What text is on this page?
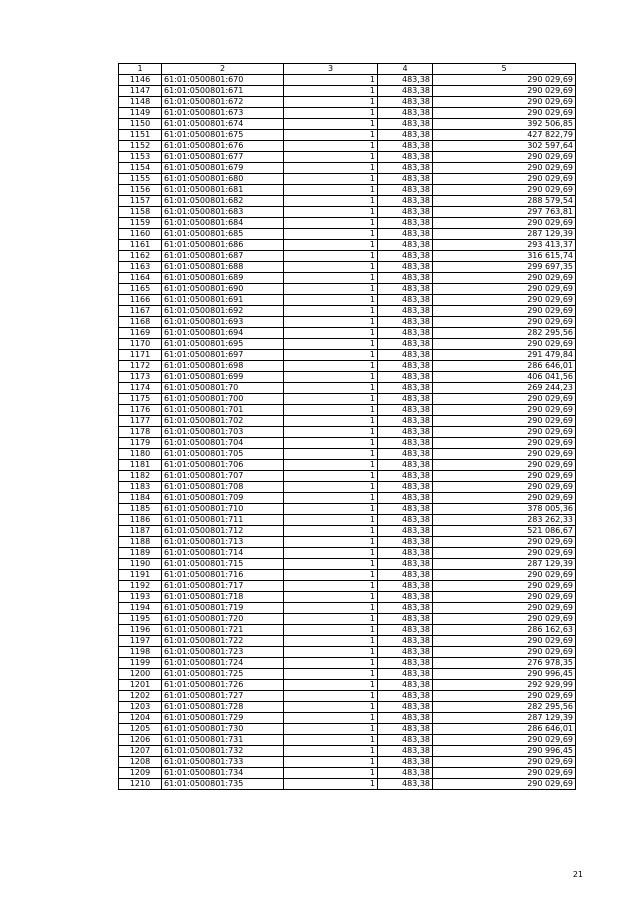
1	2	3	4	5
1146	61:01:0500801:670	1	483,38	290 029,69
1147	61:01:0500801:671	1	483,38	290 029,69
1148	61:01:0500801:672	1	483,38	290 029,69
1149	61:01:0500801:673	1	483,38	290 029,69
1150	61:01:0500801:674	1	483,38	392 506,85
1151	61:01:0500801:675	1	483,38	427 822,79
1152	61:01:0500801:676	1	483,38	302 597,64
1153	61:01:0500801:677	1	483,38	290 029,69
1154	61:01:0500801:679	1	483,38	290 029,69
1155	61:01:0500801:680	1	483,38	290 029,69
1156	61:01:0500801:681	1	483,38	290 029,69
1157	61:01:0500801:682	1	483,38	288 579,54
1158	61:01:0500801:683	1	483,38	297 763,81
1159	61:01:0500801:684	1	483,38	290 029,69
1160	61:01:0500801:685	1	483,38	287 129,39
1161	61:01:0500801:686	1	483,38	293 413,37
1162	61:01:0500801:687	1	483,38	316 615,74
1163	61:01:0500801:688	1	483,38	299 697,35
1164	61:01:0500801:689	1	483,38	290 029,69
1165	61:01:0500801:690	1	483,38	290 029,69
1166	61:01:0500801:691	1	483,38	290 029,69
1167	61:01:0500801:692	1	483,38	290 029,69
1168	61:01:0500801:693	1	483,38	290 029,69
1169	61:01:0500801:694	1	483,38	282 295,56
1170	61:01:0500801:695	1	483,38	290 029,69
1171	61:01:0500801:697	1	483,38	291 479,84
1172	61:01:0500801:698	1	483,38	286 646,01
1173	61:01:0500801:699	1	483,38	406 041,56
1174	61:01:0500801:70	1	483,38	269 244,23
1175	61:01:0500801:700	1	483,38	290 029,69
1176	61:01:0500801:701	1	483,38	290 029,69
1177	61:01:0500801:702	1	483,38	290 029,69
1178	61:01:0500801:703	1	483,38	290 029,69
1179	61:01:0500801:704	1	483,38	290 029,69
1180	61:01:0500801:705	1	483,38	290 029,69
1181	61:01:0500801:706	1	483,38	290 029,69
1182	61:01:0500801:707	1	483,38	290 029,69
1183	61:01:0500801:708	1	483,38	290 029,69
1184	61:01:0500801:709	1	483,38	290 029,69
1185	61:01:0500801:710	1	483,38	378 005,36
1186	61:01:0500801:711	1	483,38	283 262,33
1187	61:01:0500801:712	1	483,38	521 086,67
1188	61:01:0500801:713	1	483,38	290 029,69
1189	61:01:0500801:714	1	483,38	290 029,69
1190	61:01:0500801:715	1	483,38	287 129,39
1191	61:01:0500801:716	1	483,38	290 029,69
1192	61:01:0500801:717	1	483,38	290 029,69
1193	61:01:0500801:718	1	483,38	290 029,69
1194	61:01:0500801:719	1	483,38	290 029,69
1195	61:01:0500801:720	1	483,38	290 029,69
1196	61:01:0500801:721	1	483,38	286 162,63
1197	61:01:0500801:722	1	483,38	290 029,69
1198	61:01:0500801:723	1	483,38	290 029,69
1199	61:01:0500801:724	1	483,38	276 978,35
1200	61:01:0500801:725	1	483,38	290 996,45
1201	61:01:0500801:726	1	483,38	292 929,99
1202	61:01:0500801:727	1	483,38	290 029,69
1203	61:01:0500801:728	1	483,38	282 295,56
1204	61:01:0500801:729	1	483,38	287 129,39
1205	61:01:0500801:730	1	483,38	286 646,01
1206	61:01:0500801:731	1	483,38	290 029,69
1207	61:01:0500801:732	1	483,38	290 996,45
1208	61:01:0500801:733	1	483,38	290 029,69
1209	61:01:0500801:734	1	483,38	290 029,69
1210	61:01:0500801:735	1	483,38	290 029,69
21
